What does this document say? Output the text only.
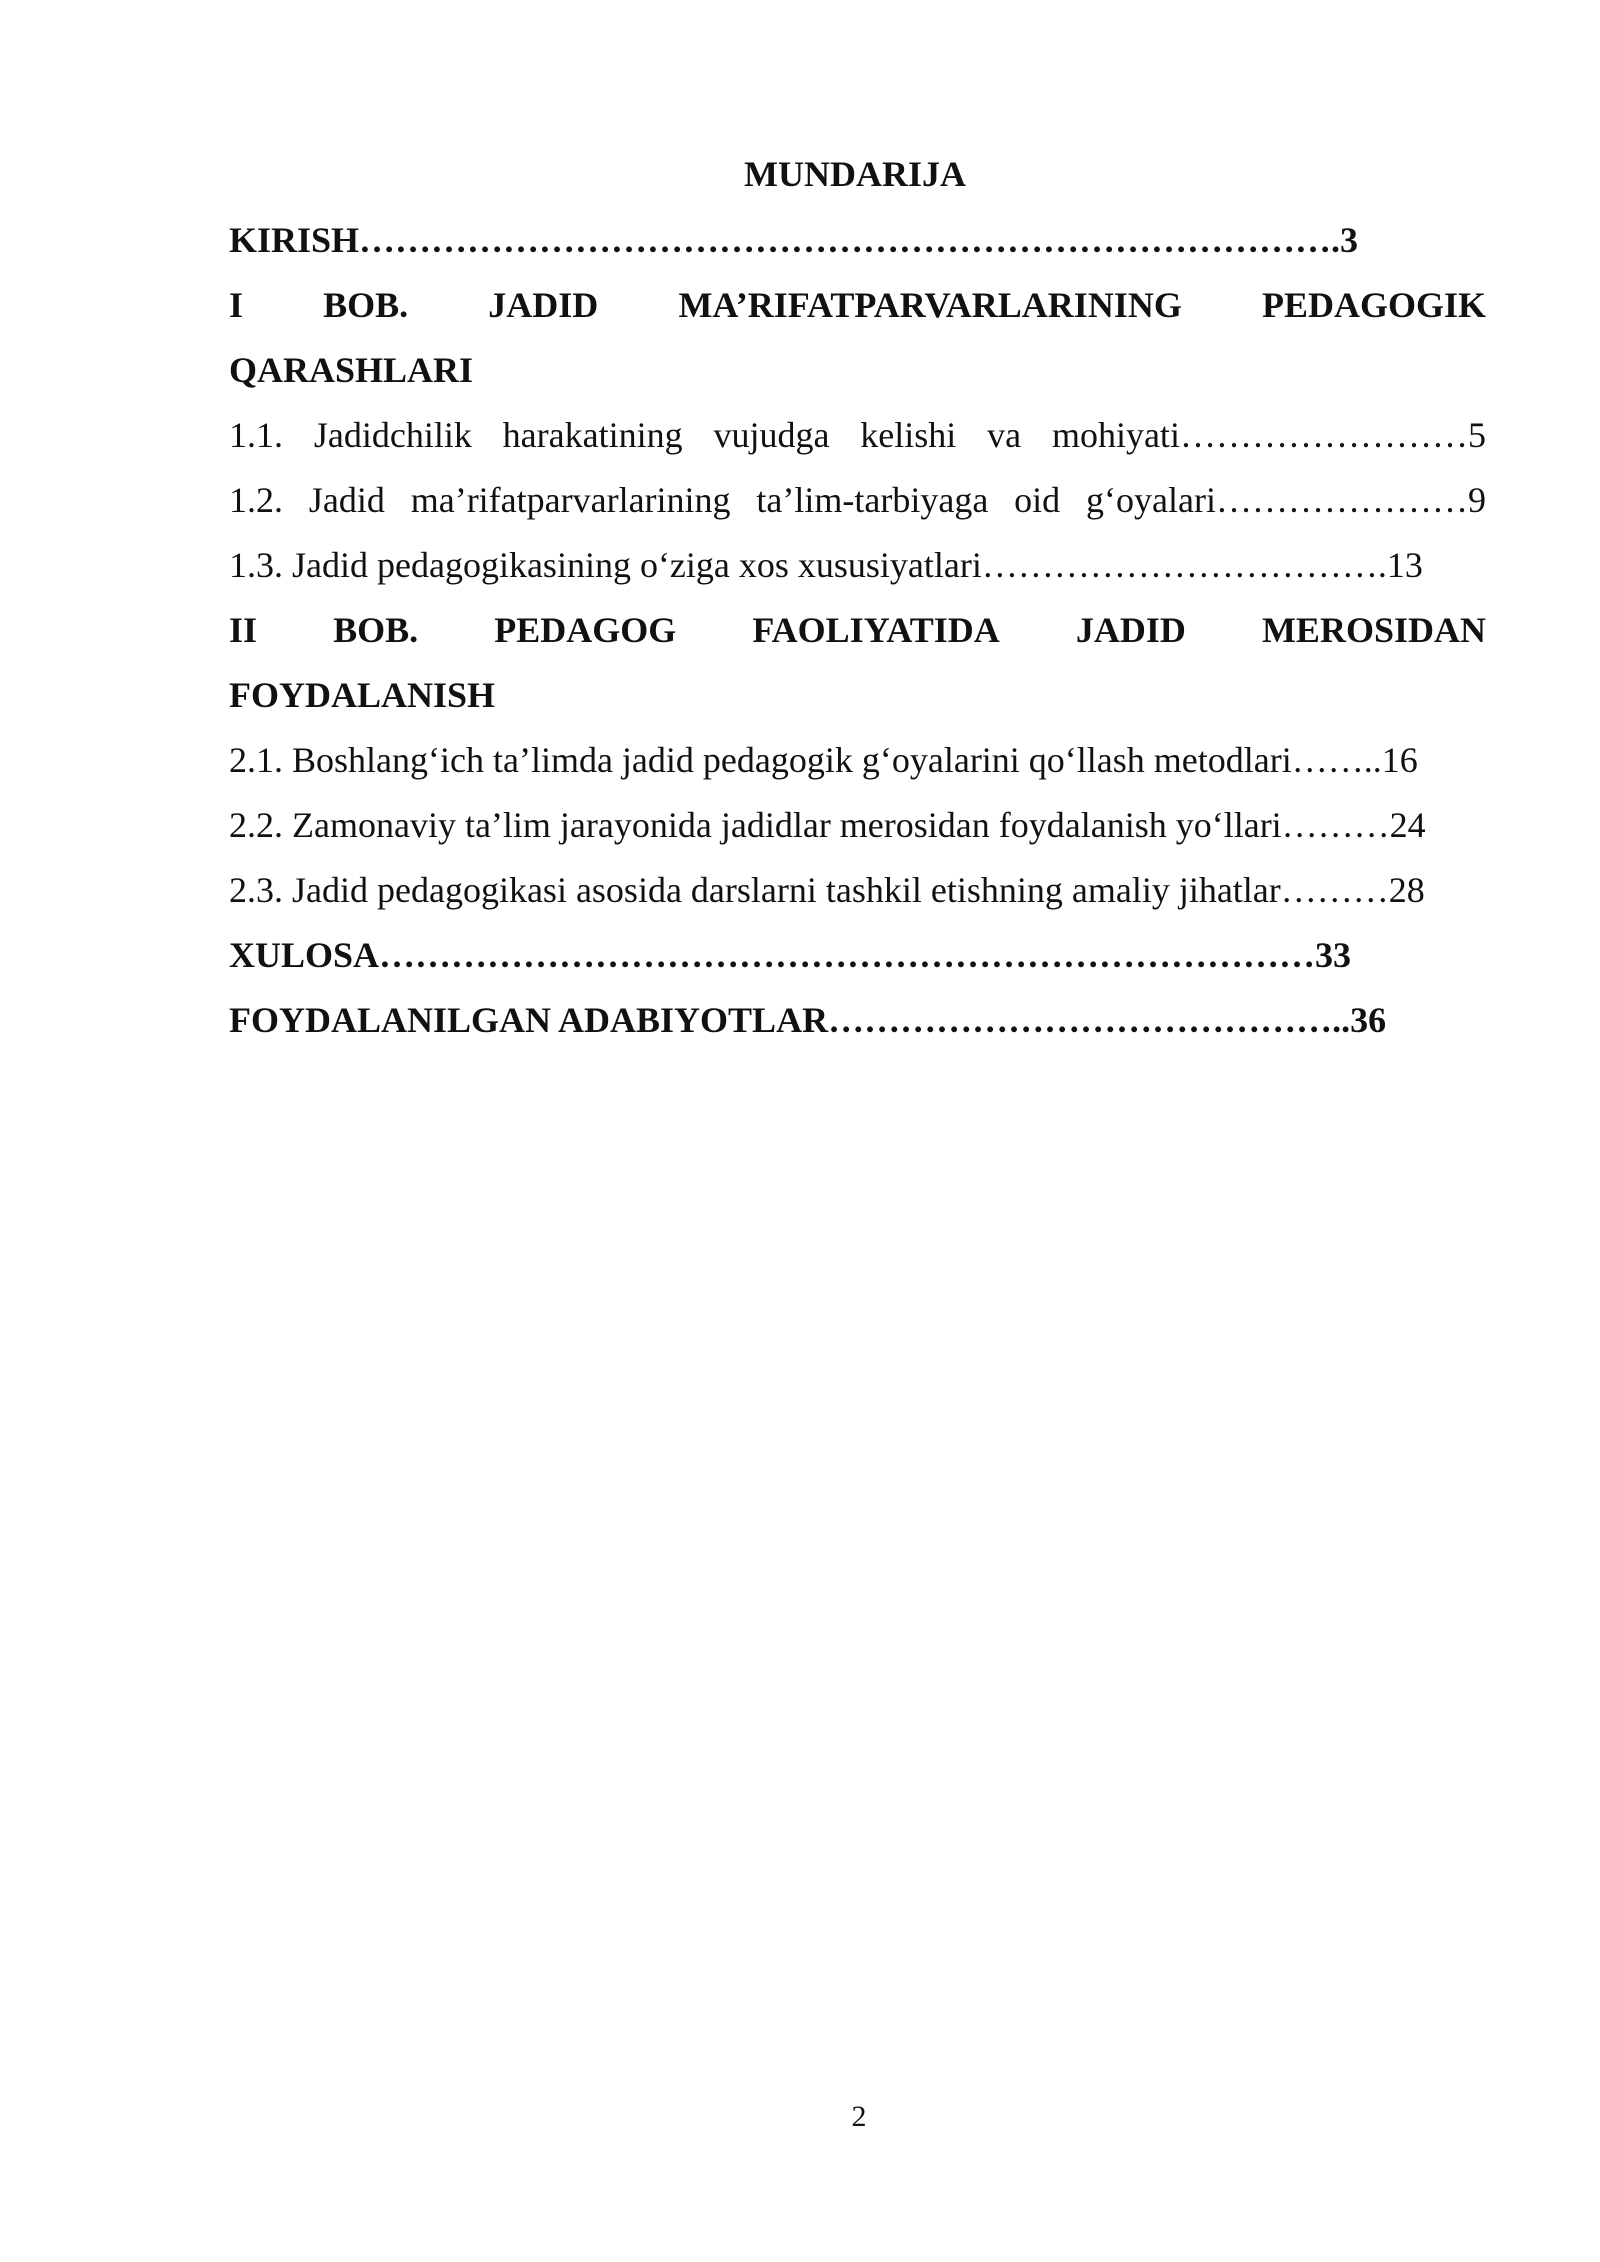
MUNDARIJA
KIRISH……………………………………………………………………….3
I BOB. JADID MA’RIFATPARVARLARINING PEDAGOGIK
QARASHLARI
1.1. Jadidchilik harakatining vujudga kelishi va mohiyati……………………5
1.2. Jadid ma’rifatparvarlarining ta’lim-tarbiyaga oid g‘oyalari…………………9
1.3. Jadid pedagogikasining o‘ziga xos xususiyatlari…………………………….13
II BOB. PEDAGOG FAOLIYATIDA JADID MEROSIDAN
FOYDALANISH
2.1. Boshlang‘ich ta’limda jadid pedagogik g‘oyalarini qo‘llash metodlari……..16
2.2. Zamonaviy ta’lim jarayonida jadidlar merosidan foydalanish yo‘llari………24
2.3. Jadid pedagogikasi asosida darslarni tashkil etishning amaliy jihatlar………28
XULOSA……………………………………………………………………33
FOYDALANILGAN ADABIYOTLAR……………………………………..36
2
